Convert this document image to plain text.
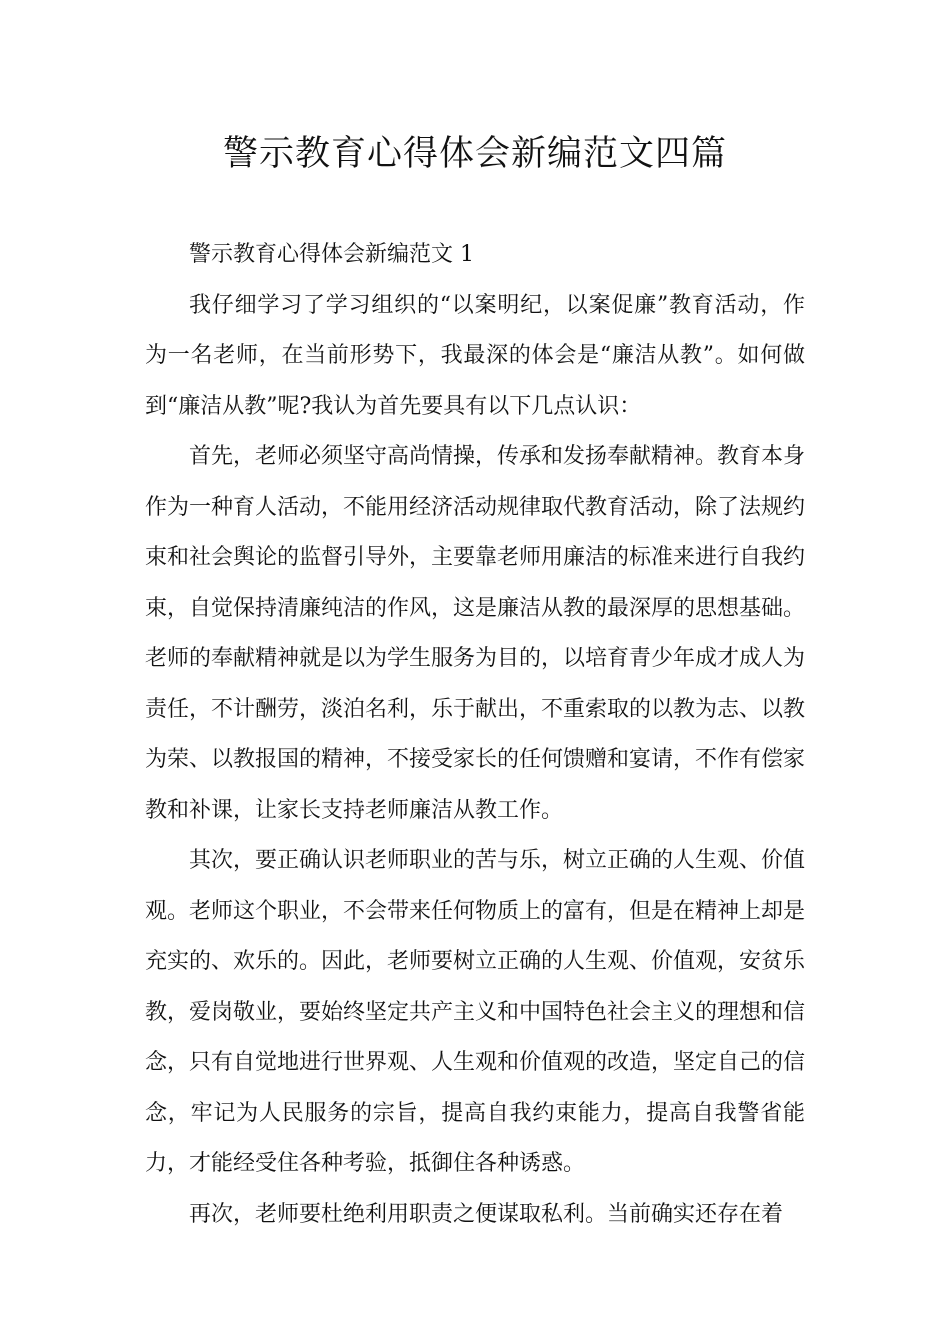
警示教育心得体会新编范文四篇

警示教育心得体会新编范文 1

我仔细学习了学习组织的“以案明纪，以案促廉”教育活动，作为一名老师，在当前形势下，我最深的体会是“廉洁从教”。如何做到“廉洁从教”呢?我认为首先要具有以下几点认识：

首先，老师必须坚守高尚情操，传承和发扬奉献精神。教育本身作为一种育人活动，不能用经济活动规律取代教育活动，除了法规约束和社会舆论的监督引导外，主要靠老师用廉洁的标准来进行自我约束，自觉保持清廉纯洁的作风，这是廉洁从教的最深厚的思想基础。老师的奉献精神就是以为学生服务为目的，以培育青少年成才成人为责任，不计酬劳，淡泊名利，乐于献出，不重索取的以教为志、以教为荣、以教报国的精神，不接受家长的任何馈赠和宴请，不作有偿家教和补课，让家长支持老师廉洁从教工作。

其次，要正确认识老师职业的苦与乐，树立正确的人生观、价值观。老师这个职业，不会带来任何物质上的富有，但是在精神上却是充实的、欢乐的。因此，老师要树立正确的人生观、价值观，安贫乐教，爱岗敬业，要始终坚定共产主义和中国特色社会主义的理想和信念，只有自觉地进行世界观、人生观和价值观的改造，坚定自己的信念，牢记为人民服务的宗旨，提高自我约束能力，提高自我警省能力，才能经受住各种考验，抵御住各种诱惑。

再次，老师要杜绝利用职责之便谋取私利。当前确实还存在着
